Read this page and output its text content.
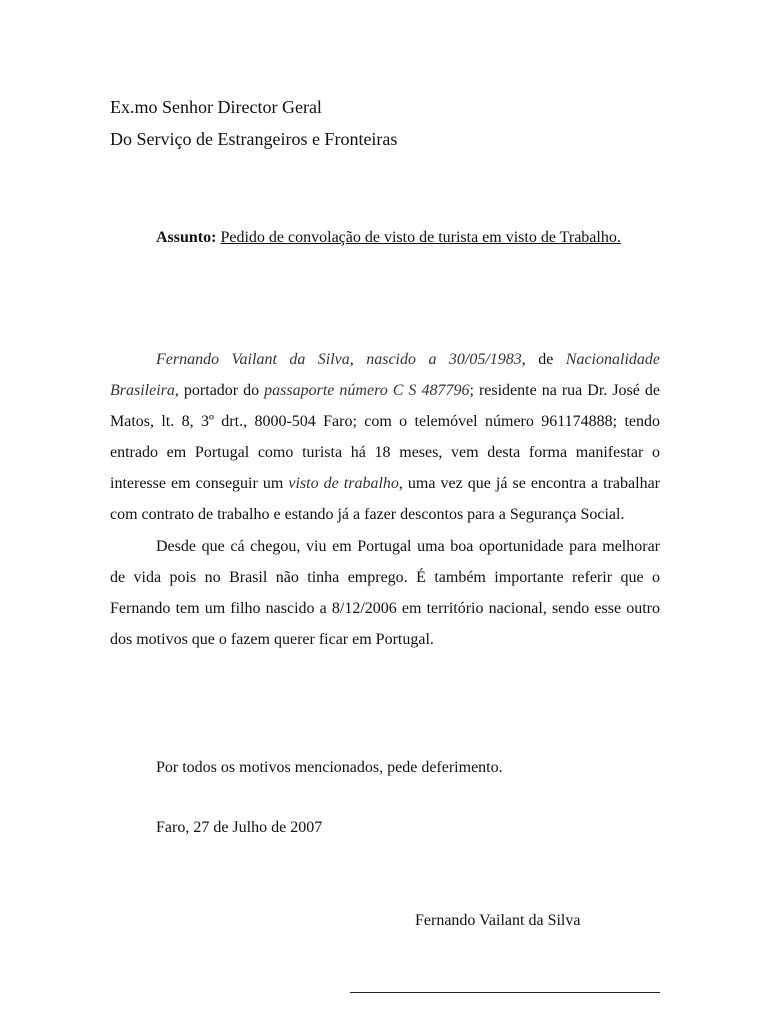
Ex.mo Senhor Director Geral
Do Serviço de Estrangeiros e Fronteiras
Assunto: Pedido de convolação de visto de turista em visto de Trabalho.

Fernando Vailant da Silva, nascido a 30/05/1983, de Nacionalidade Brasileira, portador do passaporte número C S 487796; residente na rua Dr. José de Matos, lt. 8, 3º drt., 8000-504 Faro; com o telemóvel número 961174888; tendo entrado em Portugal como turista há 18 meses, vem desta forma manifestar o interesse em conseguir um visto de trabalho, uma vez que já se encontra a trabalhar com contrato de trabalho e estando já a fazer descontos para a Segurança Social.

Desde que cá chegou, viu em Portugal uma boa oportunidade para melhorar de vida pois no Brasil não tinha emprego. É também importante referir que o Fernando tem um filho nascido a 8/12/2006 em território nacional, sendo esse outro dos motivos que o fazem querer ficar em Portugal.

Por todos os motivos mencionados, pede deferimento.
Faro, 27 de Julho de 2007
Fernando Vailant da Silva
